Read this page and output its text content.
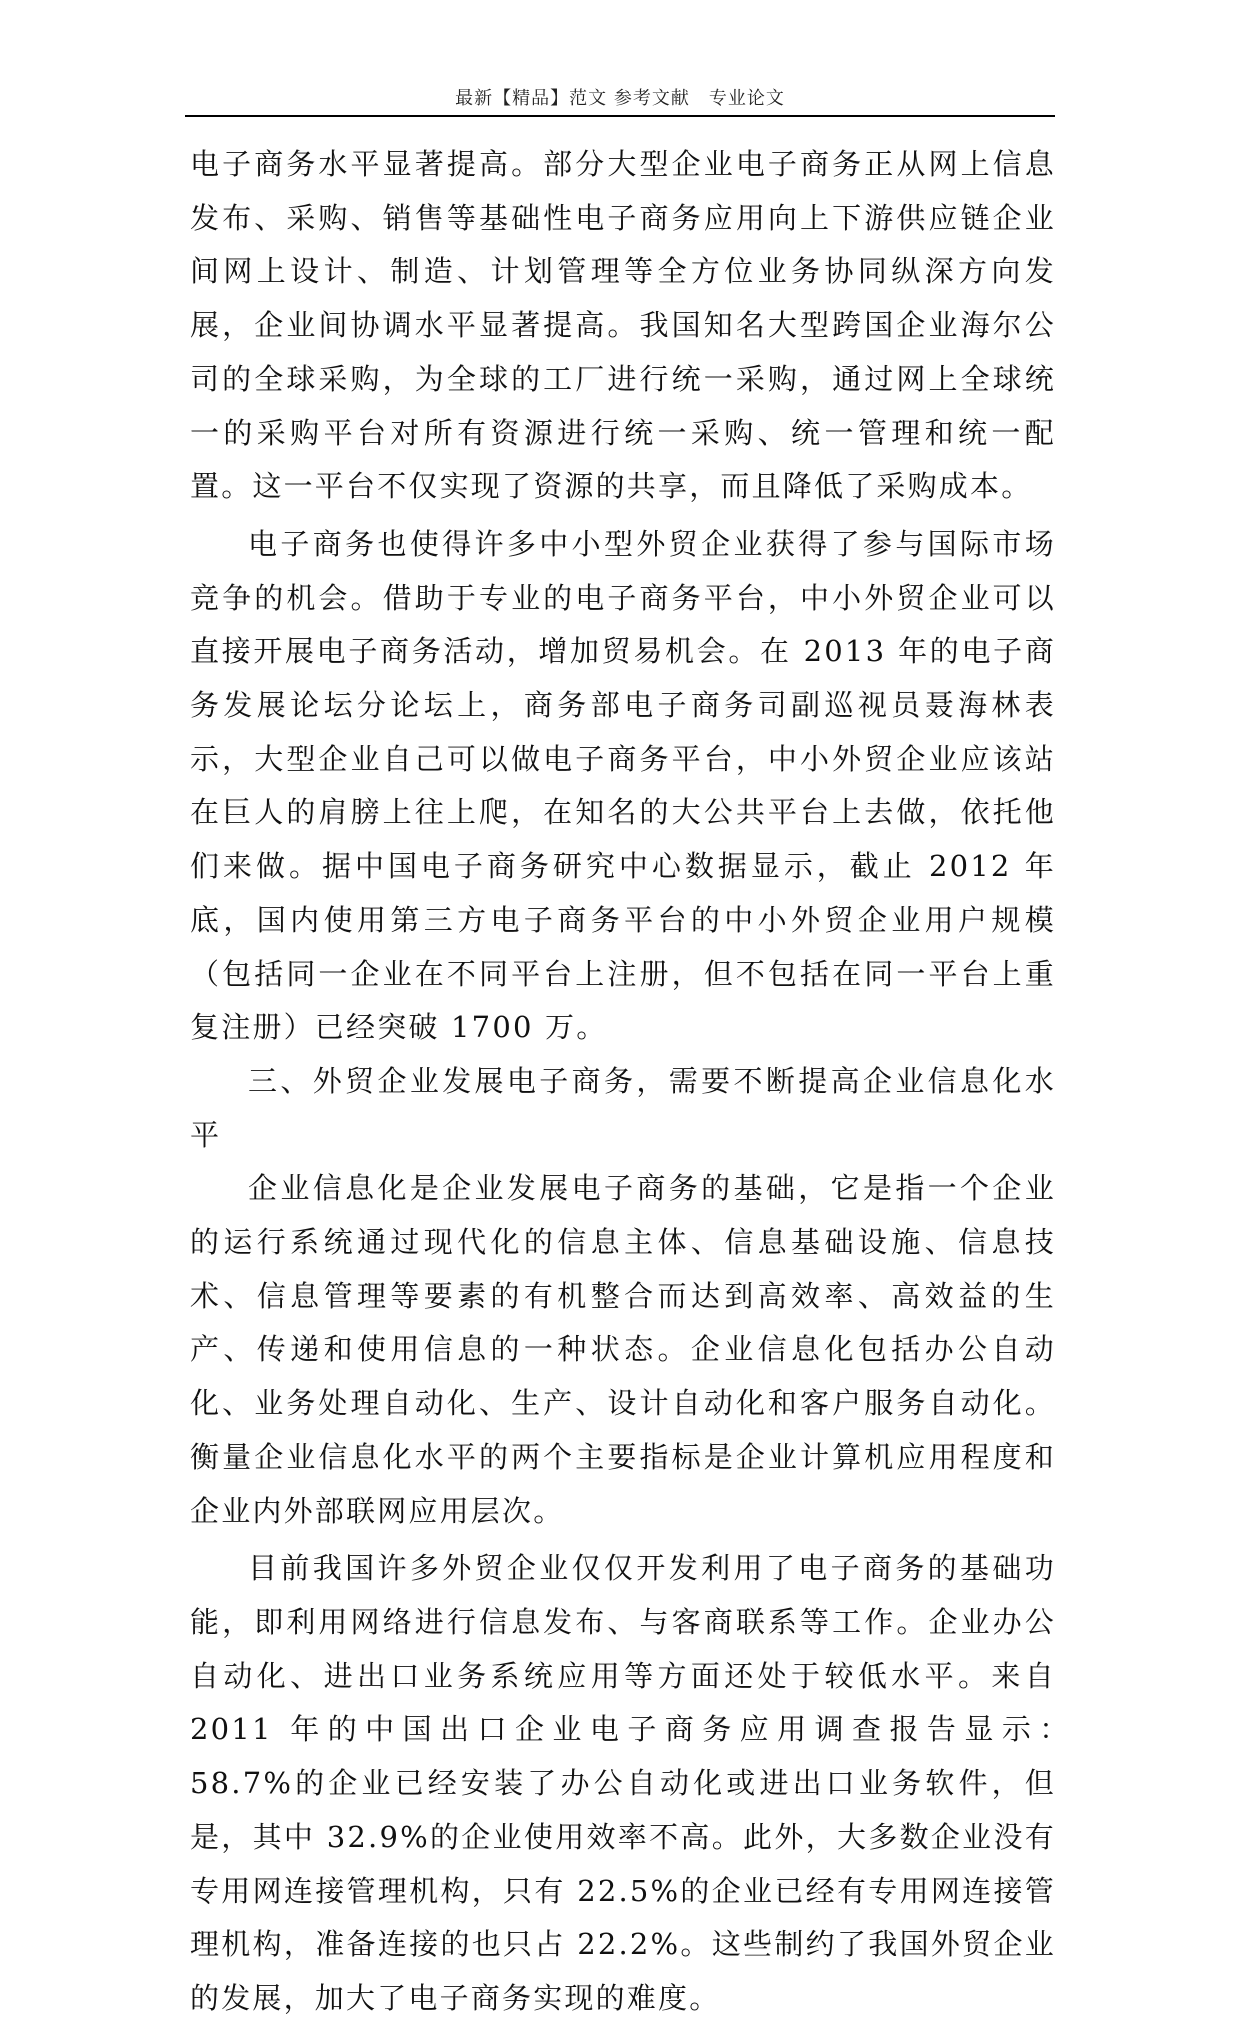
最新【精品】范文 参考文献　专业论文

电子商务水平显著提高。部分大型企业电子商务正从网上信息发布、采购、销售等基础性电子商务应用向上下游供应链企业间网上设计、制造、计划管理等全方位业务协同纵深方向发展，企业间协调水平显著提高。我国知名大型跨国企业海尔公司的全球采购，为全球的工厂进行统一采购，通过网上全球统一的采购平台对所有资源进行统一采购、统一管理和统一配置。这一平台不仅实现了资源的共享，而且降低了采购成本。

电子商务也使得许多中小型外贸企业获得了参与国际市场竞争的机会。借助于专业的电子商务平台，中小外贸企业可以直接开展电子商务活动，增加贸易机会。在 2013 年的电子商务发展论坛分论坛上，商务部电子商务司副巡视员聂海林表示，大型企业自己可以做电子商务平台，中小外贸企业应该站在巨人的肩膀上往上爬，在知名的大公共平台上去做，依托他们来做。据中国电子商务研究中心数据显示，截止 2012 年底，国内使用第三方电子商务平台的中小外贸企业用户规模（包括同一企业在不同平台上注册，但不包括在同一平台上重复注册）已经突破 1700 万。

三、外贸企业发展电子商务，需要不断提高企业信息化水平

企业信息化是企业发展电子商务的基础，它是指一个企业的运行系统通过现代化的信息主体、信息基础设施、信息技术、信息管理等要素的有机整合而达到高效率、高效益的生产、传递和使用信息的一种状态。企业信息化包括办公自动化、业务处理自动化、生产、设计自动化和客户服务自动化。衡量企业信息化水平的两个主要指标是企业计算机应用程度和企业内外部联网应用层次。

目前我国许多外贸企业仅仅开发利用了电子商务的基础功能，即利用网络进行信息发布、与客商联系等工作。企业办公自动化、进出口业务系统应用等方面还处于较低水平。来自 2011 年的中国出口企业电子商务应用调查报告显示：　58.7%的企业已经安装了办公自动化或进出口业务软件，但是，其中 32.9%的企业使用效率不高。此外，大多数企业没有专用网连接管理机构，只有 22.5%的企业已经有专用网连接管理机构，准备连接的也只占 22.2%。这些制约了我国外贸企业的发展，加大了电子商务实现的难度。
